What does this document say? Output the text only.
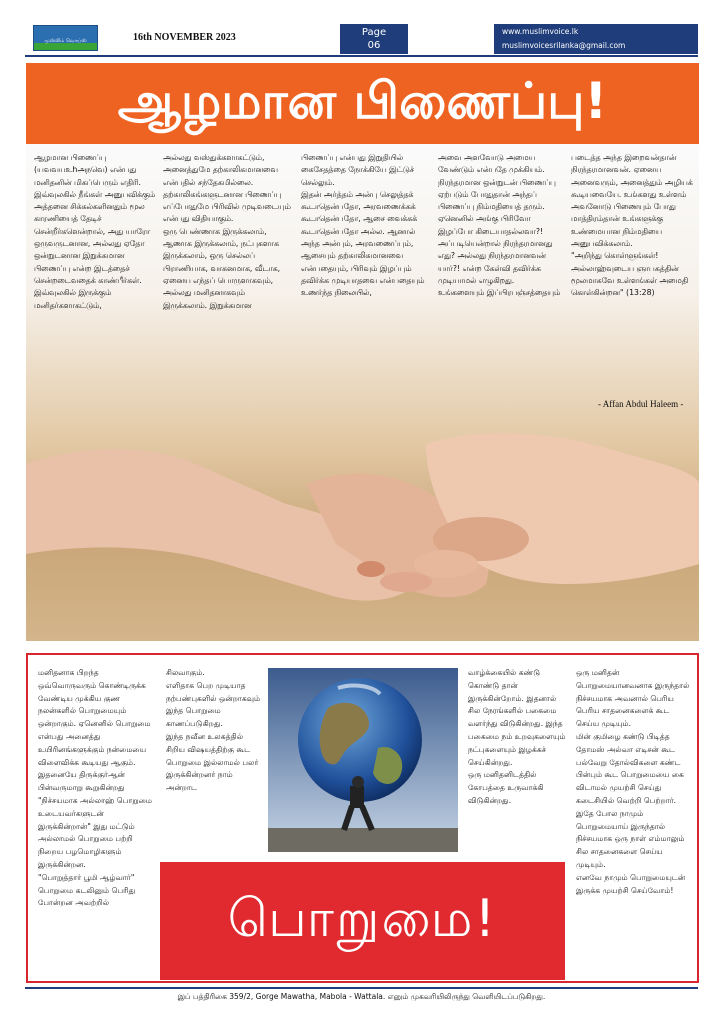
முஸ்லிம் வொய்ஸ்	16th NOVEMBER 2023	Page
06
www.muslimvoice.lk
muslimvoicesrilanka@gmail.com
ஆழமான பிணைப்பு!

ஆழமான பிணைப்பு (யவவயஉhஅநவெ) என்பது மனிதனின் மிகப்பெரும் எதிரி. இவ்வுலகில் நீங்கள் அனுபவிக்கும் அத்தனை சிக்கல்களினதும் மூல காரணியைத் தேடிச் சென்றீர்களென்றால், அது யாரோ ஒருவருடனான, அல்லது ஏதோ ஒன்றுடனான இறுக்கமான பிணைப்பு என்ற இடத்தைச் சென்றடைவதைக் காண்பீர்கள்.

இவ்வுலகில் இருக்கும் மனிதர்களாகட்டும்,

அல்லது வஸ்துக்களாகட்டும், அனைத்துமே தற்காலிகமானவை என்பதில் சந்தேகமில்லை.

தற்காலிகங்களுடனான பிணைப்பு எப்போதுமே பிரிவில் முடிவடையும் என்பது விதியாகும்.

ஒரு பெண்ணாக இருக்கலாம், ஆணாக இருக்கலாம், நட்புகளாக இருக்கலாம், ஒரு செல்லப் பிராணியாக, வாகனமாக, வீடாக, ஏனைய எந்தப் பொருளாகவும், அல்லது மனிதனாகவும் இருக்கலாம். இறுக்கமான

பிணைப்பு என்பது இறுதியில் கைசேதத்தை நோக்கியே இட்டுச் செல்லும்.

இதன் அர்த்தம் அன்பு செலுத்தக் கூடாதென்பதோ, அரவணைக்கக் கூடாதென்பதோ, ஆசை வைக்கக் கூடாதென்பதோ அல்ல. ஆனால் அந்த அன்பும், அரவணைப்பும், ஆசையும் தற்காலிகமானவை என்பதையும், பிரிவும் இழப்பும் தவிர்க்க முடியாதவை என்பதையும் உணர்ந்த நிலையில்,

அவை அளவோடு அமைய வேண்டும் என்பதே முக்கியம்.

நிரந்தரமான ஒன்றுடன் பிணைப்பு ஏற்படும் போதுதான் அந்தப் பிணைப்பு நிம்மதியைத் தரும். ஏனெனில் அங்கு பிரிவோ இழப்போ கிடையாதல்லவா?!

அப்படியென்றால் நிரந்தரமானது எது? அல்லது நிரந்தரமானவன் யார்?! என்ற கேள்வி தவிர்க்க முடியாமல் எழுகிறது.

உங்களையும் இப்பிரபஞ்சத்தையும்

படைத்த அந்த இறைவன்தான் நிரந்தரமானவன். ஏனைய அனைவரும், அனைத்தும் அழியக் கூடியவையே. உங்களது உள்ளம் அவனோடு பிணையும் போது மாத்திரம்தான் உங்களுக்கு உண்மையான நிம்மதியை அனுபவிக்கலாம்.

"அறிந்து கொள்ளுங்கள்! அல்லாஹ்வுடைய ஞாபகத்தின் மூலமாகவே உள்ளங்கள் அமைதி கொள்கின்றன" (13:28)

- Affan Abdul Haleem -

மனிதனாக பிறந்த ஒவ்வொருவரும் கொண்டிருக்க வேண்டிய முக்கிய குண நலன்களில் பொறுமையும் ஒன்றாகும். ஏனெனில் பொறுமை என்பது அனைத்து உயிரினங்களுக்கும் நன்மையை விளைவிக்க கூடியது ஆகும்.

இதனையே திருக்குர்ஆன் பின்வருமாறு கூறுகின்றது "நிச்சயமாக அல்லாஹ் பொறுமை உடையவர்களுடன் இருக்கின்றான்" இது மட்டும் அல்லாமல் பொறுமை பற்றி நிறைய பழமொழிகளும் இருக்கின்றன.

"பொறுத்தார் பூமி ஆழ்வார்" பொறுமை கடலினும் பெரிது போன்றன அவற்றில்

சிலவாகும்.

எளிதாக பெற முடியாத நற்பண்புகளில் ஒன்றாகவும் இந்த பொறுமை காணப்படுகிறது.

இந்த நவீன உலகத்தில் சிறிய விஷயத்திற்கு கூட பொறுமை இல்லாமல் பலர் இருக்கின்றனர் நாம் அன்றாட

வாழ்க்கையில் கண்டு கொண்டு தான் இருக்கின்றோம். இதனால் சில நேரங்களில் பகைமை வளர்ந்து விடுகின்றது. இந்த பகைமை நம் உறவுகளையும் நட்புகளையும் இழக்கச் செய்கின்றது.

ஒரு மனிதனிடத்தில் கோபத்தை உருவாக்கி விடுகின்றது.

ஒரு மனிதன் பொறுமையானவனாக இருந்தால் நிச்சயமாக அவனால் பெரிய பெரிய சாதனைகளைக் கூட செய்ய முடியும்.

மின் குமிழை கண்டு பிடித்த தோமஸ் அல்வா எடிசன் கூட பல்வேறு தோல்விகளை கண்ட பின்பும் கூட பொறுமையை கை விடாமல் முயற்சி செய்து கடைசியில் வெற்றி பெற்றார்.

இதே போல நாமும் பொறுமையாய் இருந்தால் நிச்சயமாக ஒரு நாள் எம்மாலும் சில சாதனைகளை செய்ய முடியும்.

எனவே நாமும் பொறுமையுடன் இருக்க முயற்சி செய்வோம்!

பொறுமை!
இப் பத்திரிகை 359/2, Gorge Mawatha, Mabola - Wattala. எனும் முகவரியிலிருந்து வெளியிடப்படுகிறது.
